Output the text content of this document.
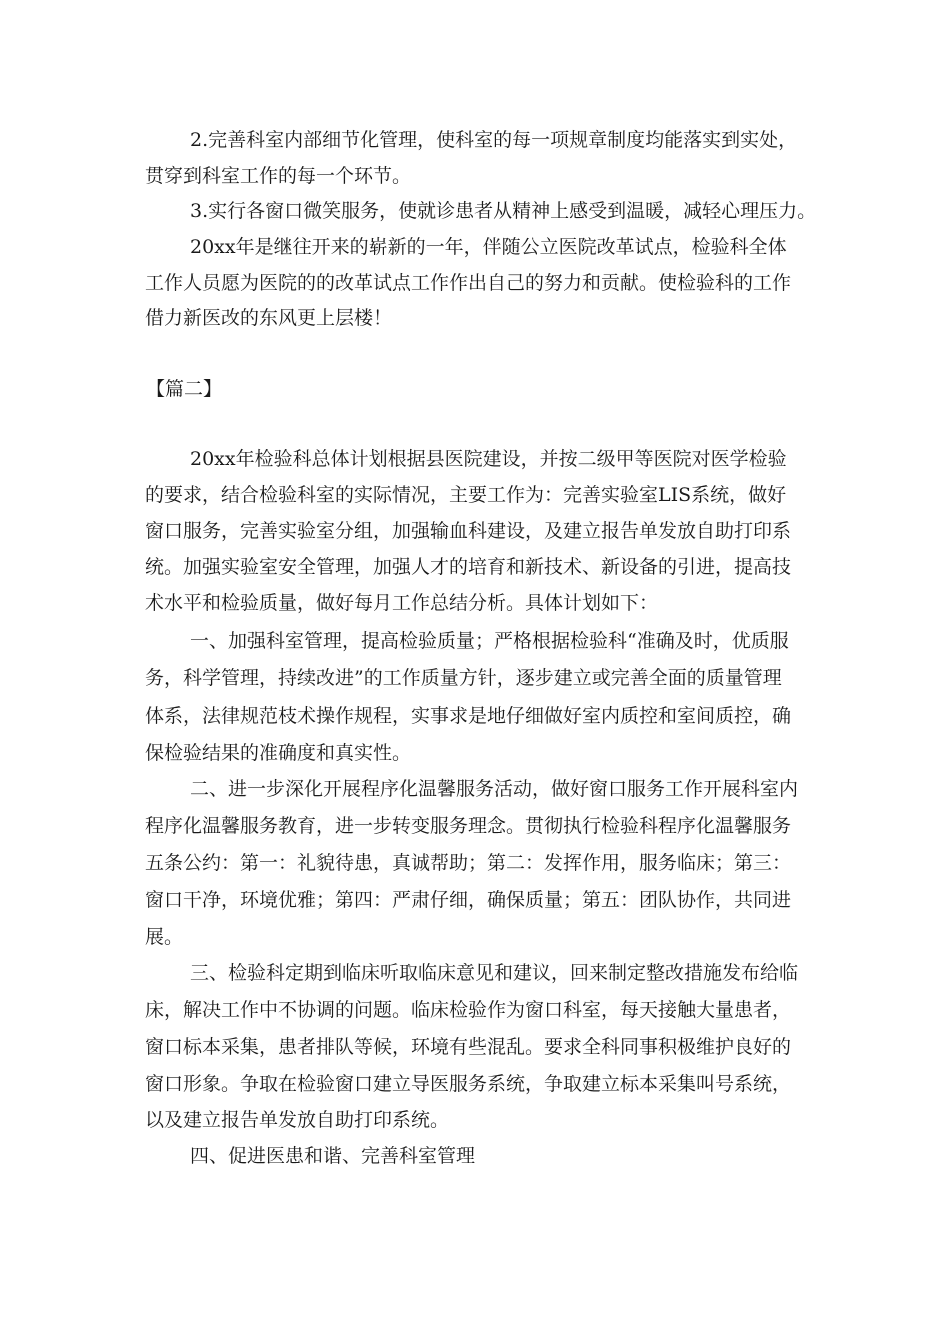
2.完善科室内部细节化管理，使科室的每一项规章制度均能落实到实处，
贯穿到科室工作的每一个环节。
3.实行各窗口微笑服务，使就诊患者从精神上感受到温暖，减轻心理压力。
20xx年是继往开来的崭新的一年，伴随公立医院改革试点，检验科全体
工作人员愿为医院的的改革试点工作作出自己的努力和贡献。使检验科的工作
借力新医改的东风更上层楼！
【篇二】
20xx年检验科总体计划根据县医院建设，并按二级甲等医院对医学检验
的要求，结合检验科室的实际情况，主要工作为：完善实验室LIS系统，做好
窗口服务，完善实验室分组，加强输血科建设，及建立报告单发放自助打印系
统。加强实验室安全管理，加强人才的培育和新技术、新设备的引进，提高技
术水平和检验质量，做好每月工作总结分析。具体计划如下：
一、加强科室管理，提高检验质量；严格根据检验科“准确及时，优质服
务，科学管理，持续改进”的工作质量方针，逐步建立或完善全面的质量管理
体系，法律规范枝术操作规程，实事求是地仔细做好室内质控和室间质控，确
保检验结果的准确度和真实性。
二、进一步深化开展程序化温馨服务活动，做好窗口服务工作开展科室内
程序化温馨服务教育，进一步转变服务理念。贯彻执行检验科程序化温馨服务
五条公约：第一：礼貌待患，真诚帮助；第二：发挥作用，服务临床；第三：
窗口干净，环境优雅；第四：严肃仔细，确保质量；第五：团队协作，共同进
展。
三、检验科定期到临床听取临床意见和建议，回来制定整改措施发布给临
床，解决工作中不协调的问题。临床检验作为窗口科室，每天接触大量患者，
窗口标本采集，患者排队等候，环境有些混乱。要求全科同事积极维护良好的
窗口形象。争取在检验窗口建立导医服务系统，争取建立标本采集叫号系统，
以及建立报告单发放自助打印系统。
四、促进医患和谐、完善科室管理
